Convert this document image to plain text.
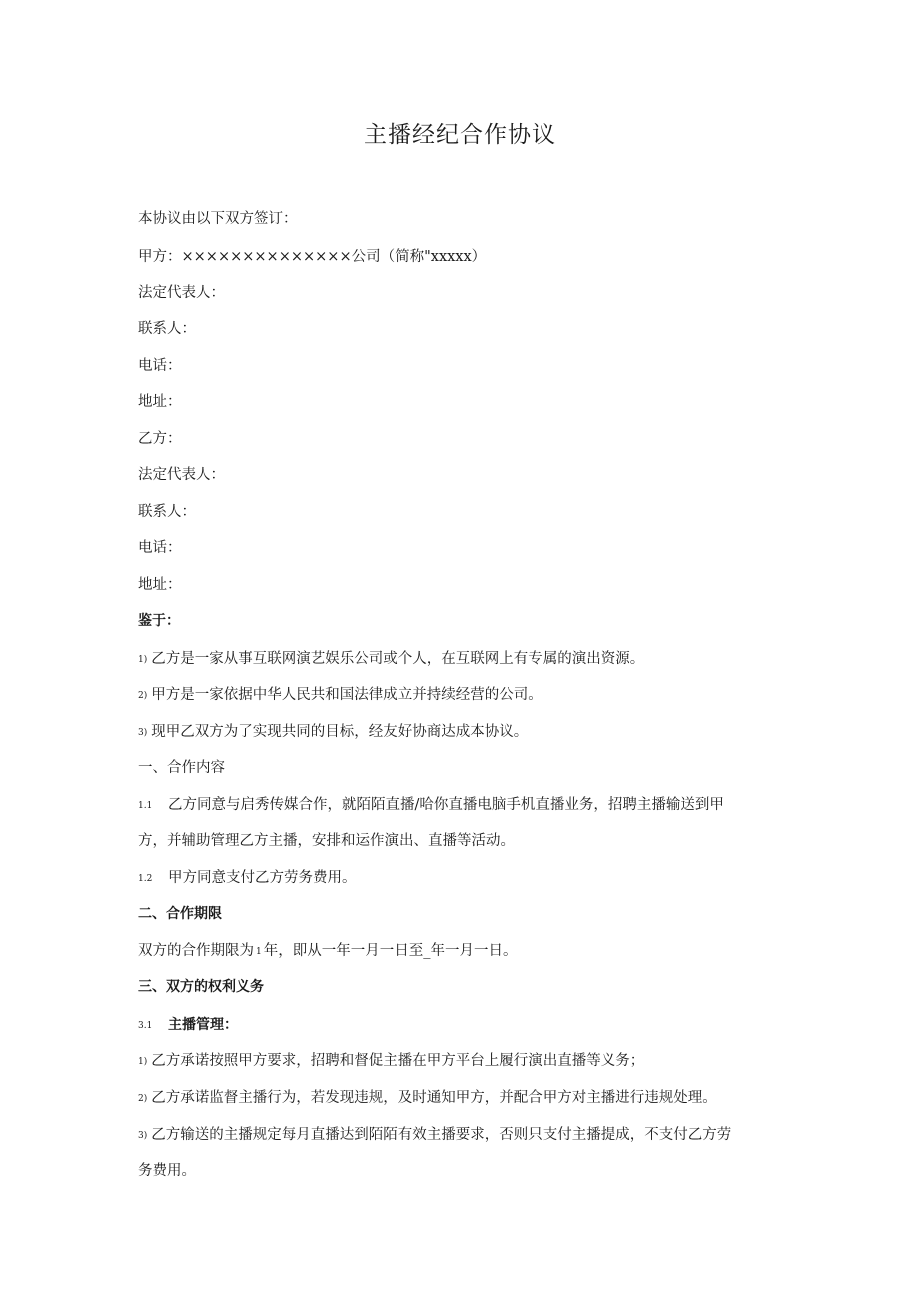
主播经纪合作协议
本协议由以下双方签订：
甲方：××××××××××××××公司（简称"xxxxx）
法定代表人：
联系人：
电话：
地址：
乙方：
法定代表人：
联系人：
电话：
地址：
鉴于：
1) 乙方是一家从事互联网演艺娱乐公司或个人，在互联网上有专属的演出资源。
2) 甲方是一家依据中华人民共和国法律成立并持续经营的公司。
3) 现甲乙双方为了实现共同的目标，经友好协商达成本协议。
一、合作内容
1.1 乙方同意与启秀传媒合作，就陌陌直播/哈你直播电脑手机直播业务，招聘主播输送到甲
方，并辅助管理乙方主播，安排和运作演出、直播等活动。
1.2 甲方同意支付乙方劳务费用。
二、合作期限
双方的合作期限为 1 年，即从一年一月一日至_年一月一日。
三、双方的权利义务
3.1 主播管理：
1) 乙方承诺按照甲方要求，招聘和督促主播在甲方平台上履行演出直播等义务；
2) 乙方承诺监督主播行为，若发现违规，及时通知甲方，并配合甲方对主播进行违规处理。
3) 乙方输送的主播规定每月直播达到陌陌有效主播要求，否则只支付主播提成，不支付乙方劳
务费用。
